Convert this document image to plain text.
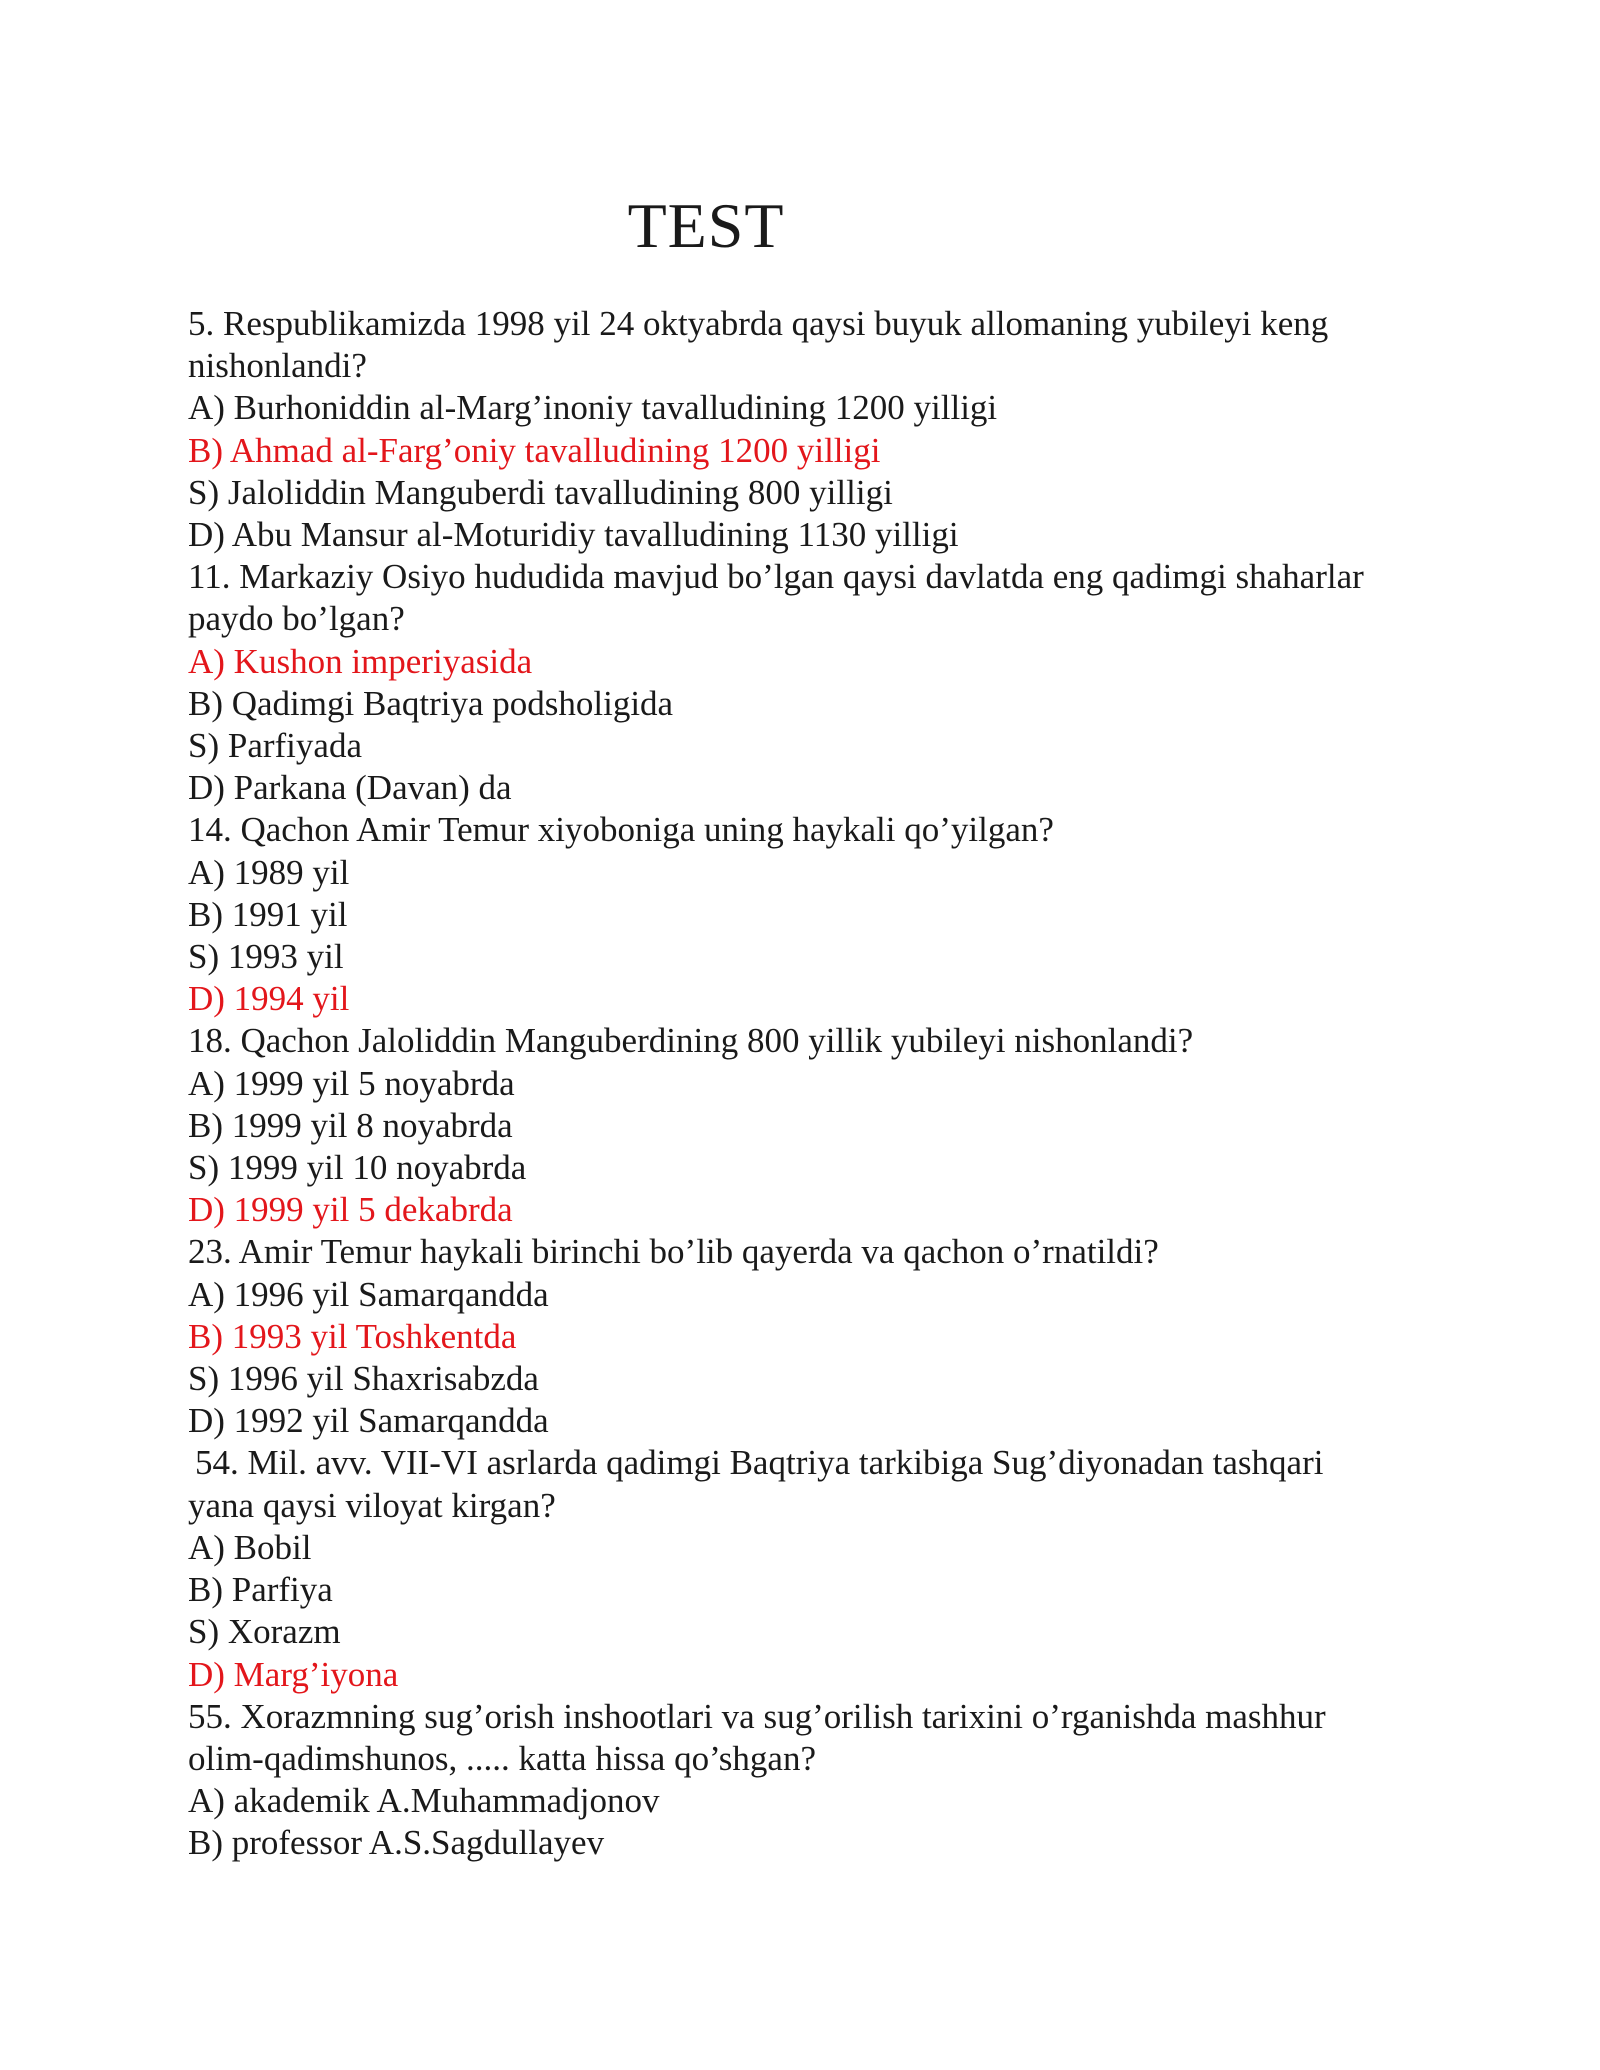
TEST

5. Respublikamizda 1998 yil 24 oktyabrda qaysi buyuk allomaning yubileyi keng

nishonlandi?

A) Burhoniddin al-Marg’inoniy tavalludining 1200 yilligi

B) Ahmad al-Farg’oniy tavalludining 1200 yilligi

S) Jaloliddin Manguberdi tavalludining 800 yilligi

D) Abu Mansur al-Moturidiy tavalludining 1130 yilligi

11. Markaziy Osiyo hududida mavjud bo’lgan qaysi davlatda eng qadimgi shaharlar

paydo bo’lgan?

A) Kushon imperiyasida

B) Qadimgi Baqtriya podsholigida

S) Parfiyada

D) Parkana (Davan) da

14. Qachon Amir Temur xiyoboniga uning haykali qo’yilgan?

A) 1989 yil

B) 1991 yil

S) 1993 yil

D) 1994 yil

18. Qachon Jaloliddin Manguberdining 800 yillik yubileyi nishonlandi?

A) 1999 yil 5 noyabrda

B) 1999 yil 8 noyabrda

S) 1999 yil 10 noyabrda

D) 1999 yil 5 dekabrda

23. Amir Temur haykali birinchi bo’lib qayerda va qachon o’rnatildi?

A) 1996 yil Samarqandda

B) 1993 yil Toshkentda

S) 1996 yil Shaxrisabzda

D) 1992 yil Samarqandda

54. Mil. avv. VII-VI asrlarda qadimgi Baqtriya tarkibiga Sug’diyonadan tashqari

yana qaysi viloyat kirgan?

A) Bobil

B) Parfiya

S) Xorazm

D) Marg’iyona

55. Xorazmning sug’orish inshootlari va sug’orilish tarixini o’rganishda mashhur

olim-qadimshunos, ..... katta hissa qo’shgan?

A) akademik A.Muhammadjonov

B) professor A.S.Sagdullayev
